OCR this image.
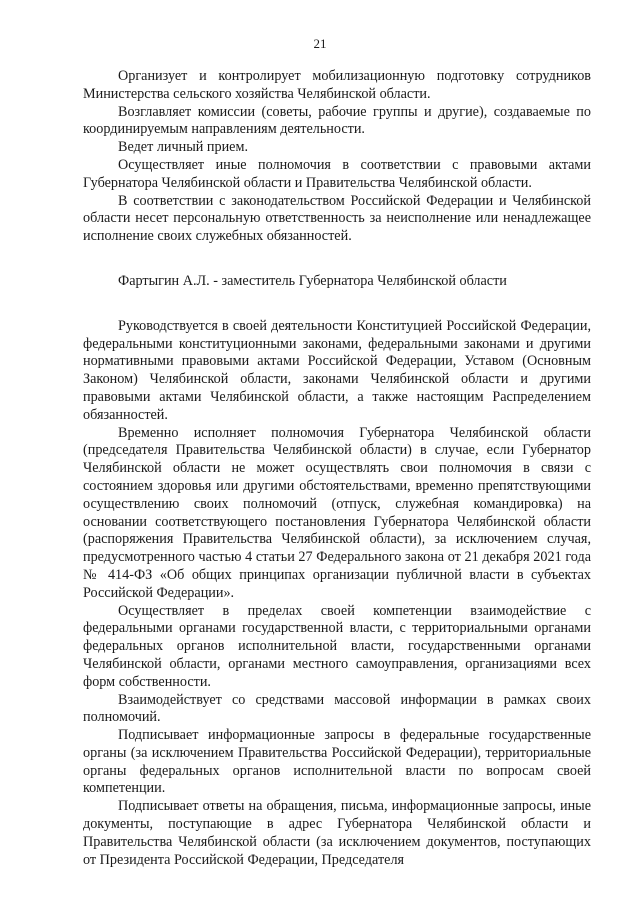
21

Организует и контролирует мобилизационную подготовку сотрудников Министерства сельского хозяйства Челябинской области.

Возглавляет комиссии (советы, рабочие группы и другие), создаваемые по координируемым направлениям деятельности.

Ведет личный прием.

Осуществляет иные полномочия в соответствии с правовыми актами Губернатора Челябинской области и Правительства Челябинской области.

В соответствии с законодательством Российской Федерации и Челябинской области несет персональную ответственность за неисполнение или ненадлежащее исполнение своих служебных обязанностей.

Фартыгин А.Л. - заместитель Губернатора Челябинской области

Руководствуется в своей деятельности Конституцией Российской Федерации, федеральными конституционными законами, федеральными законами и другими нормативными правовыми актами Российской Федерации, Уставом (Основным Законом) Челябинской области, законами Челябинской области и другими правовыми актами Челябинской области, а также настоящим Распределением обязанностей.

Временно исполняет полномочия Губернатора Челябинской области (председателя Правительства Челябинской области) в случае, если Губернатор Челябинской области не может осуществлять свои полномочия в связи с состоянием здоровья или другими обстоятельствами, временно препятствующими осуществлению своих полномочий (отпуск, служебная командировка) на основании соответствующего постановления Губернатора Челябинской области (распоряжения Правительства Челябинской области), за исключением случая, предусмотренного частью 4 статьи 27 Федерального закона от 21 декабря 2021 года № 414-ФЗ «Об общих принципах организации публичной власти в субъектах Российской Федерации».

Осуществляет в пределах своей компетенции взаимодействие с федеральными органами государственной власти, с территориальными органами федеральных органов исполнительной власти, государственными органами Челябинской области, органами местного самоуправления, организациями всех форм собственности.

Взаимодействует со средствами массовой информации в рамках своих полномочий.

Подписывает информационные запросы в федеральные государственные органы (за исключением Правительства Российской Федерации), территориальные органы федеральных органов исполнительной власти по вопросам своей компетенции.

Подписывает ответы на обращения, письма, информационные запросы, иные документы, поступающие в адрес Губернатора Челябинской области и Правительства Челябинской области (за исключением документов, поступающих от Президента Российской Федерации, Председателя
